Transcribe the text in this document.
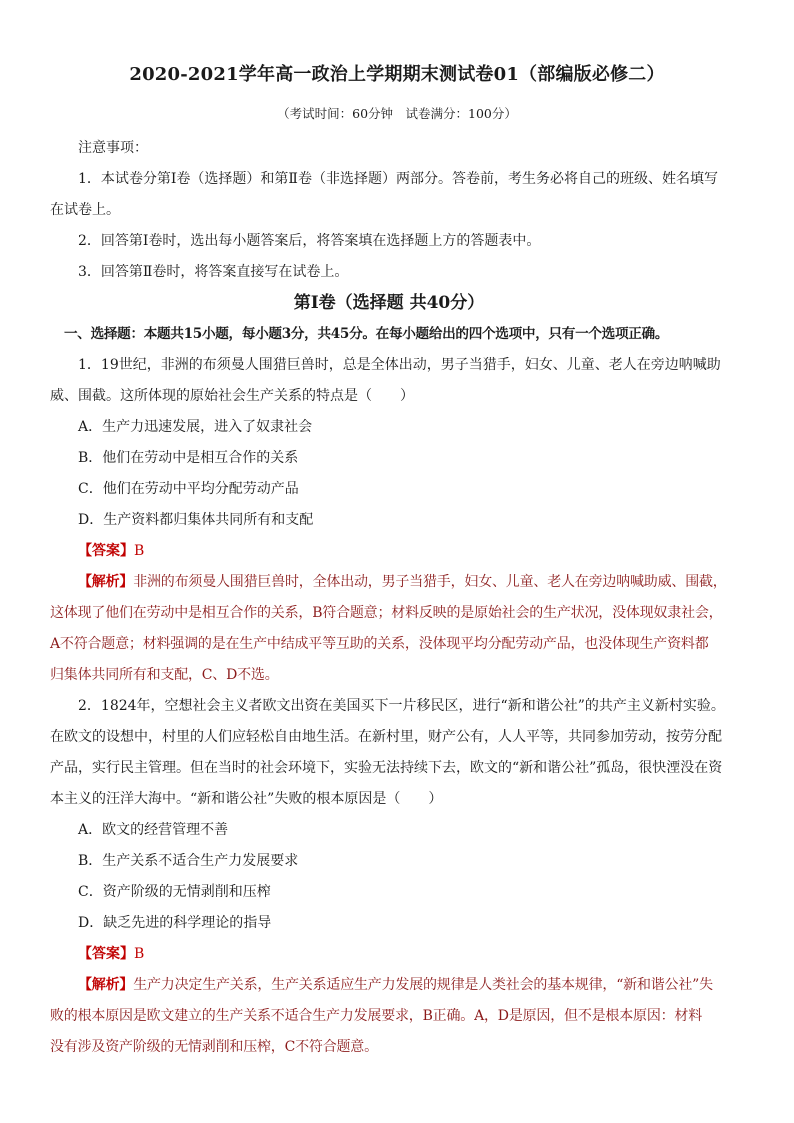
2020-2021学年高一政治上学期期末测试卷01（部编版必修二）
（考试时间：60分钟　试卷满分：100分）

注意事项：

1．本试卷分第Ⅰ卷（选择题）和第Ⅱ卷（非选择题）两部分。答卷前，考生务必将自己的班级、姓名填写

在试卷上。

2．回答第Ⅰ卷时，选出每小题答案后，将答案填在选择题上方的答题表中。

3．回答第Ⅱ卷时，将答案直接写在试卷上。

第Ⅰ卷（选择题 共40分）

一、选择题：本题共15小题，每小题3分，共45分。在每小题给出的四个选项中，只有一个选项正确。

1．19世纪，非洲的布须曼人围猎巨兽时，总是全体出动，男子当猎手，妇女、儿童、老人在旁边呐喊助

威、围截。这所体现的原始社会生产关系的特点是（　　）

A．生产力迅速发展，进入了奴隶社会

B．他们在劳动中是相互合作的关系

C．他们在劳动中平均分配劳动产品

D．生产资料都归集体共同所有和支配

【答案】B

【解析】非洲的布须曼人围猎巨兽时，全体出动，男子当猎手，妇女、儿童、老人在旁边呐喊助威、围截，

这体现了他们在劳动中是相互合作的关系，B符合题意；材料反映的是原始社会的生产状况，没体现奴隶社会，

A不符合题意；材料强调的是在生产中结成平等互助的关系，没体现平均分配劳动产品，也没体现生产资料都

归集体共同所有和支配，C、D不选。

2．1824年，空想社会主义者欧文出资在美国买下一片移民区，进行“新和谐公社”的共产主义新村实验。

在欧文的设想中，村里的人们应轻松自由地生活。在新村里，财产公有，人人平等，共同参加劳动，按劳分配

产品，实行民主管理。但在当时的社会环境下，实验无法持续下去，欧文的“新和谐公社”孤岛，很快湮没在资

本主义的汪洋大海中。“新和谐公社”失败的根本原因是（　　）

A．欧文的经营管理不善

B．生产关系不适合生产力发展要求

C．资产阶级的无情剥削和压榨

D．缺乏先进的科学理论的指导

【答案】B

【解析】生产力决定生产关系，生产关系适应生产力发展的规律是人类社会的基本规律，“新和谐公社”失

败的根本原因是欧文建立的生产关系不适合生产力发展要求，B正确。A，D是原因，但不是根本原因：材料

没有涉及资产阶级的无情剥削和压榨，C不符合题意。
